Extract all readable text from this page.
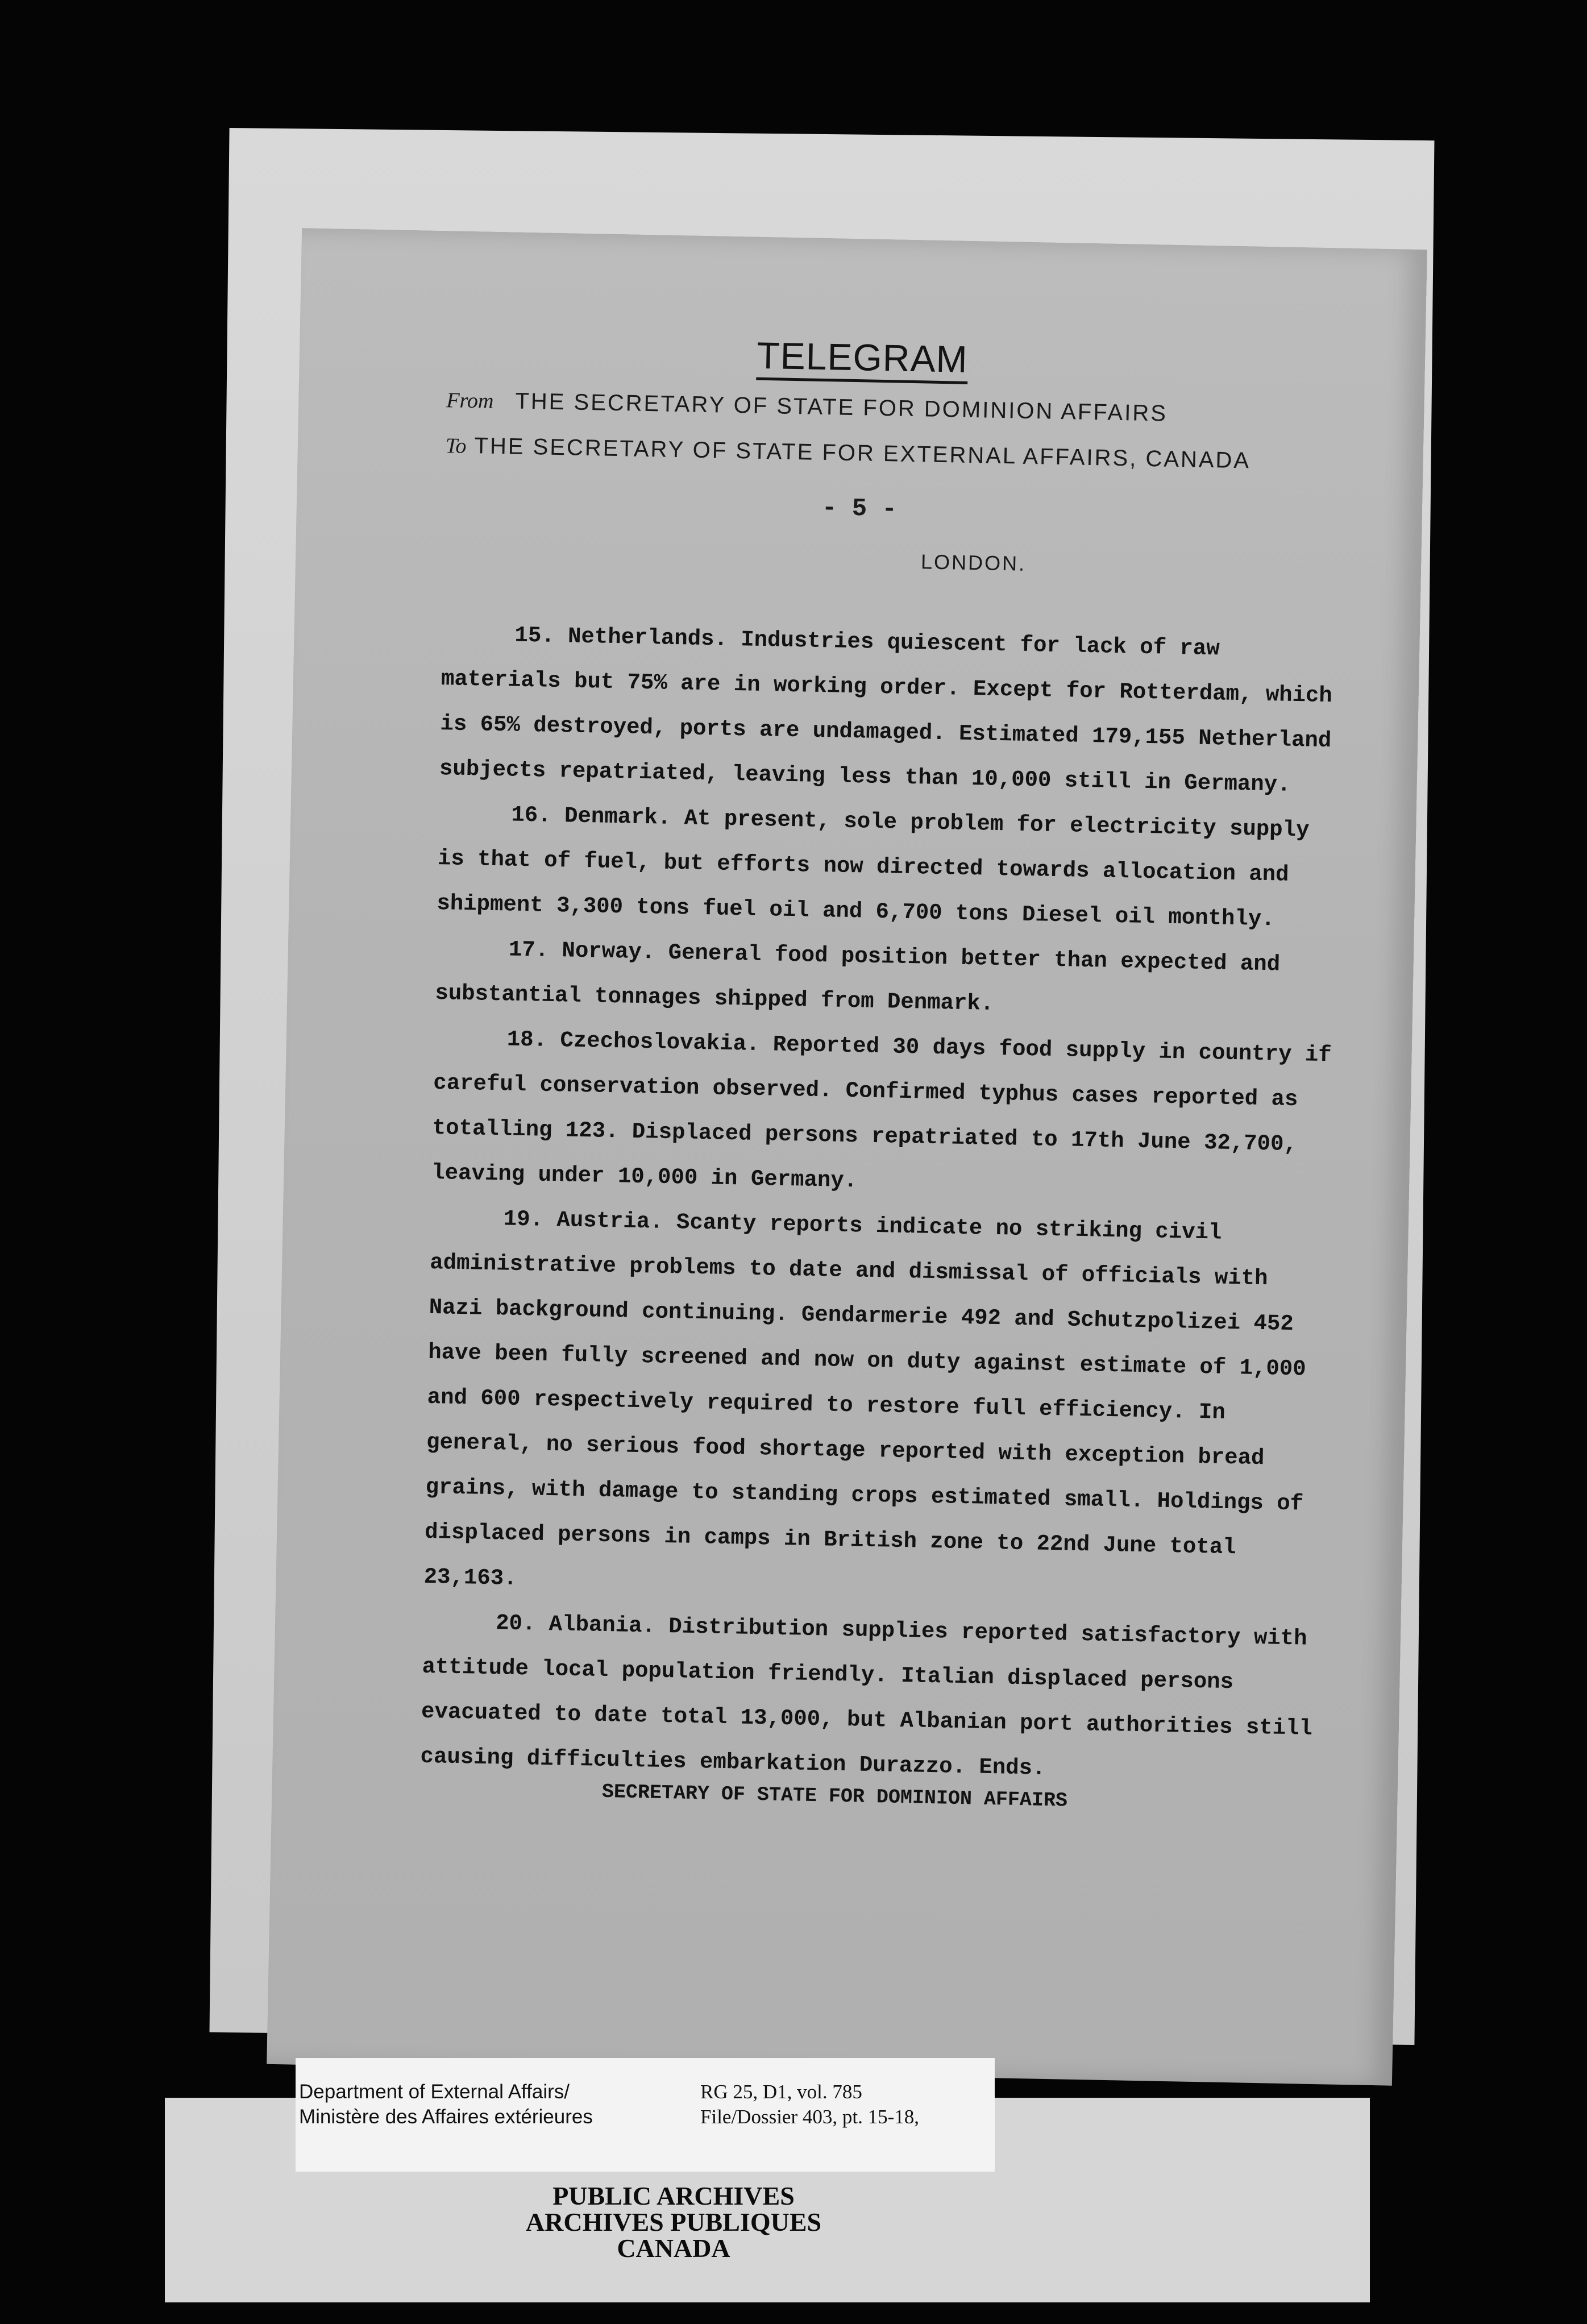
TELEGRAM
From THE SECRETARY OF STATE FOR DOMINION AFFAIRS
To THE SECRETARY OF STATE FOR EXTERNAL AFFAIRS, CANADA
- 5 -
LONDON.

15. Netherlands. Industries quiescent for lack of raw materials but 75% are in working order. Except for Rotterdam, which is 65% destroyed, ports are undamaged. Estimated 179,155 Netherland subjects repatriated, leaving less than 10,000 still in Germany.

16. Denmark. At present, sole problem for electricity supply is that of fuel, but efforts now directed towards allocation and shipment 3,300 tons fuel oil and 6,700 tons Diesel oil monthly.

17. Norway. General food position better than expected and substantial tonnages shipped from Denmark.

18. Czechoslovakia. Reported 30 days food supply in country if careful conservation observed. Confirmed typhus cases reported as totalling 123. Displaced persons repatriated to 17th June 32,700, leaving under 10,000 in Germany.

19. Austria. Scanty reports indicate no striking civil administrative problems to date and dismissal of officials with Nazi background continuing. Gendarmerie 492 and Schutzpolizei 452 have been fully screened and now on duty against estimate of 1,000 and 600 respectively required to restore full efficiency. In general, no serious food shortage reported with exception bread grains, with damage to standing crops estimated small. Holdings of displaced persons in camps in British zone to 22nd June total 23,163.

20. Albania. Distribution supplies reported satisfactory with attitude local population friendly. Italian displaced persons evacuated to date total 13,000, but Albanian port authorities still causing difficulties embarkation Durazzo. Ends.

SECRETARY OF STATE FOR DOMINION AFFAIRS
Department of External Affairs/
Ministère des Affaires extérieures
RG 25, D1, vol. 785
File/Dossier 403, pt. 15-18,
PUBLIC ARCHIVES
ARCHIVES PUBLIQUES
CANADA
